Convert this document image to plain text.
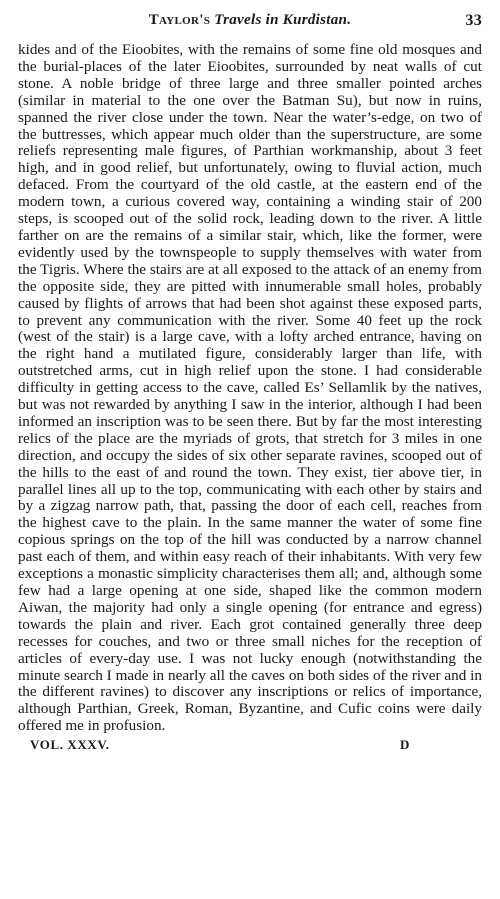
Taylor's Travels in Kurdistan.	33

kides and of the Eioobites, with the remains of some fine old mosques and the burial-places of the later Eioobites, surrounded by neat walls of cut stone. A noble bridge of three large and three smaller pointed arches (similar in material to the one over the Batman Su), but now in ruins, spanned the river close under the town. Near the water’s-edge, on two of the buttresses, which appear much older than the superstructure, are some reliefs representing male figures, of Parthian workmanship, about 3 feet high, and in good relief, but unfortunately, owing to fluvial action, much defaced. From the courtyard of the old castle, at the eastern end of the modern town, a curious covered way, containing a winding stair of 200 steps, is scooped out of the solid rock, leading down to the river. A little farther on are the remains of a similar stair, which, like the former, were evidently used by the townspeople to supply themselves with water from the Tigris. Where the stairs are at all exposed to the attack of an enemy from the opposite side, they are pitted with innumerable small holes, probably caused by flights of arrows that had been shot against these exposed parts, to prevent any communication with the river. Some 40 feet up the rock (west of the stair) is a large cave, with a lofty arched entrance, having on the right hand a mutilated figure, considerably larger than life, with outstretched arms, cut in high relief upon the stone. I had considerable difficulty in getting access to the cave, called Es’ Sellamlik by the natives, but was not rewarded by anything I saw in the interior, although I had been informed an inscription was to be seen there. But by far the most interesting relics of the place are the myriads of grots, that stretch for 3 miles in one direction, and occupy the sides of six other separate ravines, scooped out of the hills to the east of and round the town. They exist, tier above tier, in parallel lines all up to the top, communicating with each other by stairs and by a zigzag narrow path, that, passing the door of each cell, reaches from the highest cave to the plain. In the same manner the water of some fine copious springs on the top of the hill was conducted by a narrow channel past each of them, and within easy reach of their inhabitants. With very few exceptions a monastic simplicity characterises them all; and, although some few had a large opening at one side, shaped like the common modern Aiwan, the majority had only a single opening (for entrance and egress) towards the plain and river. Each grot contained generally three deep recesses for couches, and two or three small niches for the reception of articles of every-day use. I was not lucky enough (notwithstanding the minute search I made in nearly all the caves on both sides of the river and in the different ravines) to discover any inscriptions or relics of importance, although Parthian, Greek, Roman, Byzantine, and Cufic coins were daily offered me in profusion.

VOL. XXXV.	D
